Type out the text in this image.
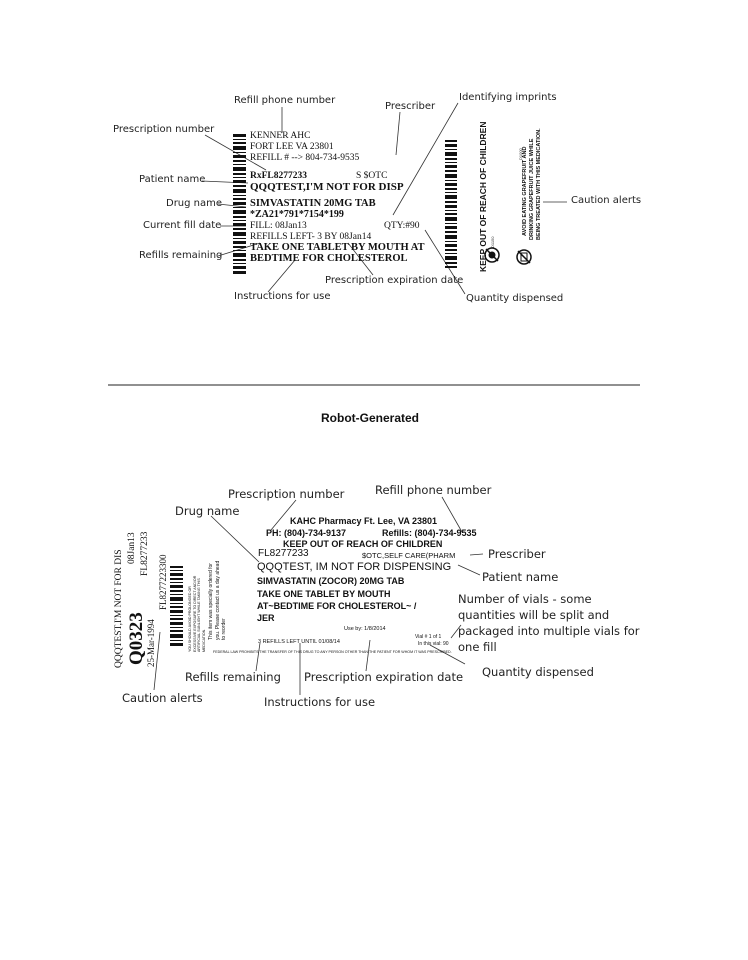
Refill phone number
Prescriber
Identifying imprints
Prescription number
Patient name
Drug name
Current fill date
Refills remaining
Caution alerts
Instructions for use
Prescription expiration date
Quantity dispensed
KENNER AHC
FORT LEE VA 23801
REFILL # --> 804-734-9535
RxFL8277233	S $OTC
QQQTEST,I'M NOT FOR DISP
SIMVASTATIN 20MG TAB
*ZA21*791*7154*199
FILL: 08Jan13	QTY:#90
REFILLS LEFT- 3 BY 08Jan14
TAKE ONE TABLET BY MOUTH AT
BEDTIME FOR CHOLESTEROL	KEEP OUT OF REACH OF CHILDREN D1150
D1000 AVOID EATING GRAPEFRUIT AND DRINKING GRAPEFRUIT JUICE WHILE BEING TREATED WITH THIS MEDICATION.
Robot-Generated
Drug name
Prescription number	Refill phone number
Prescriber
Patient name
Number of vials - some
quantities will be split and
packaged into multiple vials for
one fill
Quantity dispensed
Refills remaining Prescription expiration date
Caution alerts	Instructions for use
QQQTEST,I'M NOT FOR DIS
08Jan13 FL8277233
Q0323 25-Mar-1994
FL8277223300
YOU SHOULD AVOID PROLONGED OR EXCESSIVE EXPOSURE TO DIRECT AND/OR ARTIFICIAL SUNLIGHT WHILE TAKING THIS MEDICATION.
This item was specially ordered for you. Please contact us a day ahead to reorder
KAHC Pharmacy Ft. Lee, VA 23801
PH: (804)-734-9137	Refills: (804)-734-9535
KEEP OUT OF REACH OF CHILDREN
FL8277233	$OTC,SELF CARE(PHARM
QQQTEST, IM NOT FOR DISPENSING
SIMVASTATIN (ZOCOR) 20MG TAB
TAKE ONE TABLET BY MOUTH
AT~BEDTIME FOR CHOLESTEROL~ /
JER
Use by: 1/8/2014
Vial # 1 of 1
In this vial: 90
3 REFILLS LEFT UNTIL 01/08/14
FEDERAL LAW PROHIBITS THE TRANSFER OF THIS DRUG TO ANY PERSON OTHER THAN THE PATIENT FOR WHOM IT WAS PRESCRIBED.
